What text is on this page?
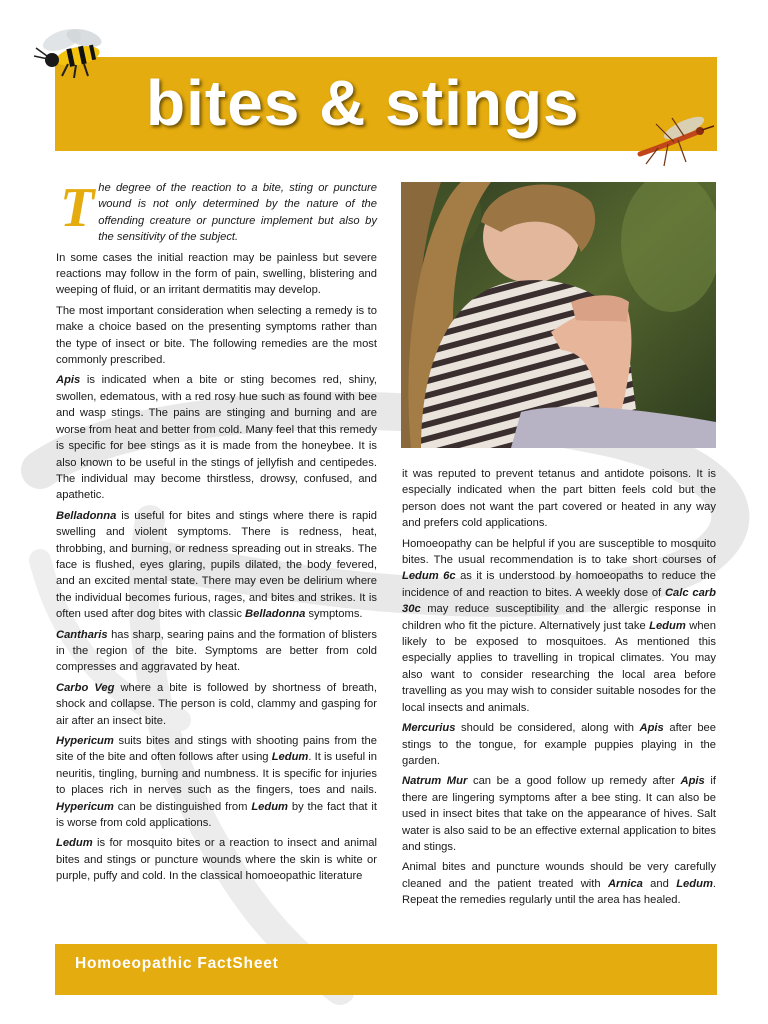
bites & stings

The degree of the reaction to a bite, sting or puncture wound is not only determined by the nature of the offending creature or puncture implement but also by the sensitivity of the subject.

In some cases the initial reaction may be painless but severe reactions may follow in the form of pain, swelling, blistering and weeping of fluid, or an irritant dermatitis may develop.

The most important consideration when selecting a remedy is to make a choice based on the presenting symptoms rather than the type of insect or bite. The following remedies are the most commonly prescribed.

Apis is indicated when a bite or sting becomes red, shiny, swollen, edematous, with a red rosy hue such as found with bee and wasp stings. The pains are stinging and burning and are worse from heat and better from cold. Many feel that this remedy is specific for bee stings as it is made from the honeybee. It is also known to be useful in the stings of jellyfish and centipedes. The individual may become thirstless, drowsy, confused, and apathetic.

Belladonna is useful for bites and stings where there is rapid swelling and violent symptoms. There is redness, heat, throbbing, and burning, or redness spreading out in streaks. The face is flushed, eyes glaring, pupils dilated, the body fevered, and an excited mental state. There may even be delirium where the individual becomes furious, rages, and bites and strikes. It is often used after dog bites with classic Belladonna symptoms.

Cantharis has sharp, searing pains and the formation of blisters in the region of the bite. Symptoms are better from cold compresses and aggravated by heat.

Carbo Veg where a bite is followed by shortness of breath, shock and collapse. The person is cold, clammy and gasping for air after an insect bite.

Hypericum suits bites and stings with shooting pains from the site of the bite and often follows after using Ledum. It is useful in neuritis, tingling, burning and numbness. It is specific for injuries to places rich in nerves such as the fingers, toes and nails. Hypericum can be distinguished from Ledum by the fact that it is worse from cold applications.

Ledum is for mosquito bites or a reaction to insect and animal bites and stings or puncture wounds where the skin is white or purple, puffy and cold. In the classical homoeopathic literature

it was reputed to prevent tetanus and antidote poisons. It is especially indicated when the part bitten feels cold but the person does not want the part covered or heated in any way and prefers cold applications.

Homoeopathy can be helpful if you are susceptible to mosquito bites. The usual recommendation is to take short courses of Ledum 6c as it is understood by homoeopaths to reduce the incidence of and reaction to bites. A weekly dose of Calc carb 30c may reduce susceptibility and the allergic response in children who fit the picture. Alternatively just take Ledum when likely to be exposed to mosquitoes. As mentioned this especially applies to travelling in tropical climates. You may also want to consider researching the local area before travelling as you may wish to consider suitable nosodes for the local insects and animals.

Mercurius should be considered, along with Apis after bee stings to the tongue, for example puppies playing in the garden.

Natrum Mur can be a good follow up remedy after Apis if there are lingering symptoms after a bee sting. It can also be used in insect bites that take on the appearance of hives. Salt water is also said to be an effective external application to bites and stings.

Animal bites and puncture wounds should be very carefully cleaned and the patient treated with Arnica and Ledum. Repeat the remedies regularly until the area has healed.

Homoeopathic FactSheet
